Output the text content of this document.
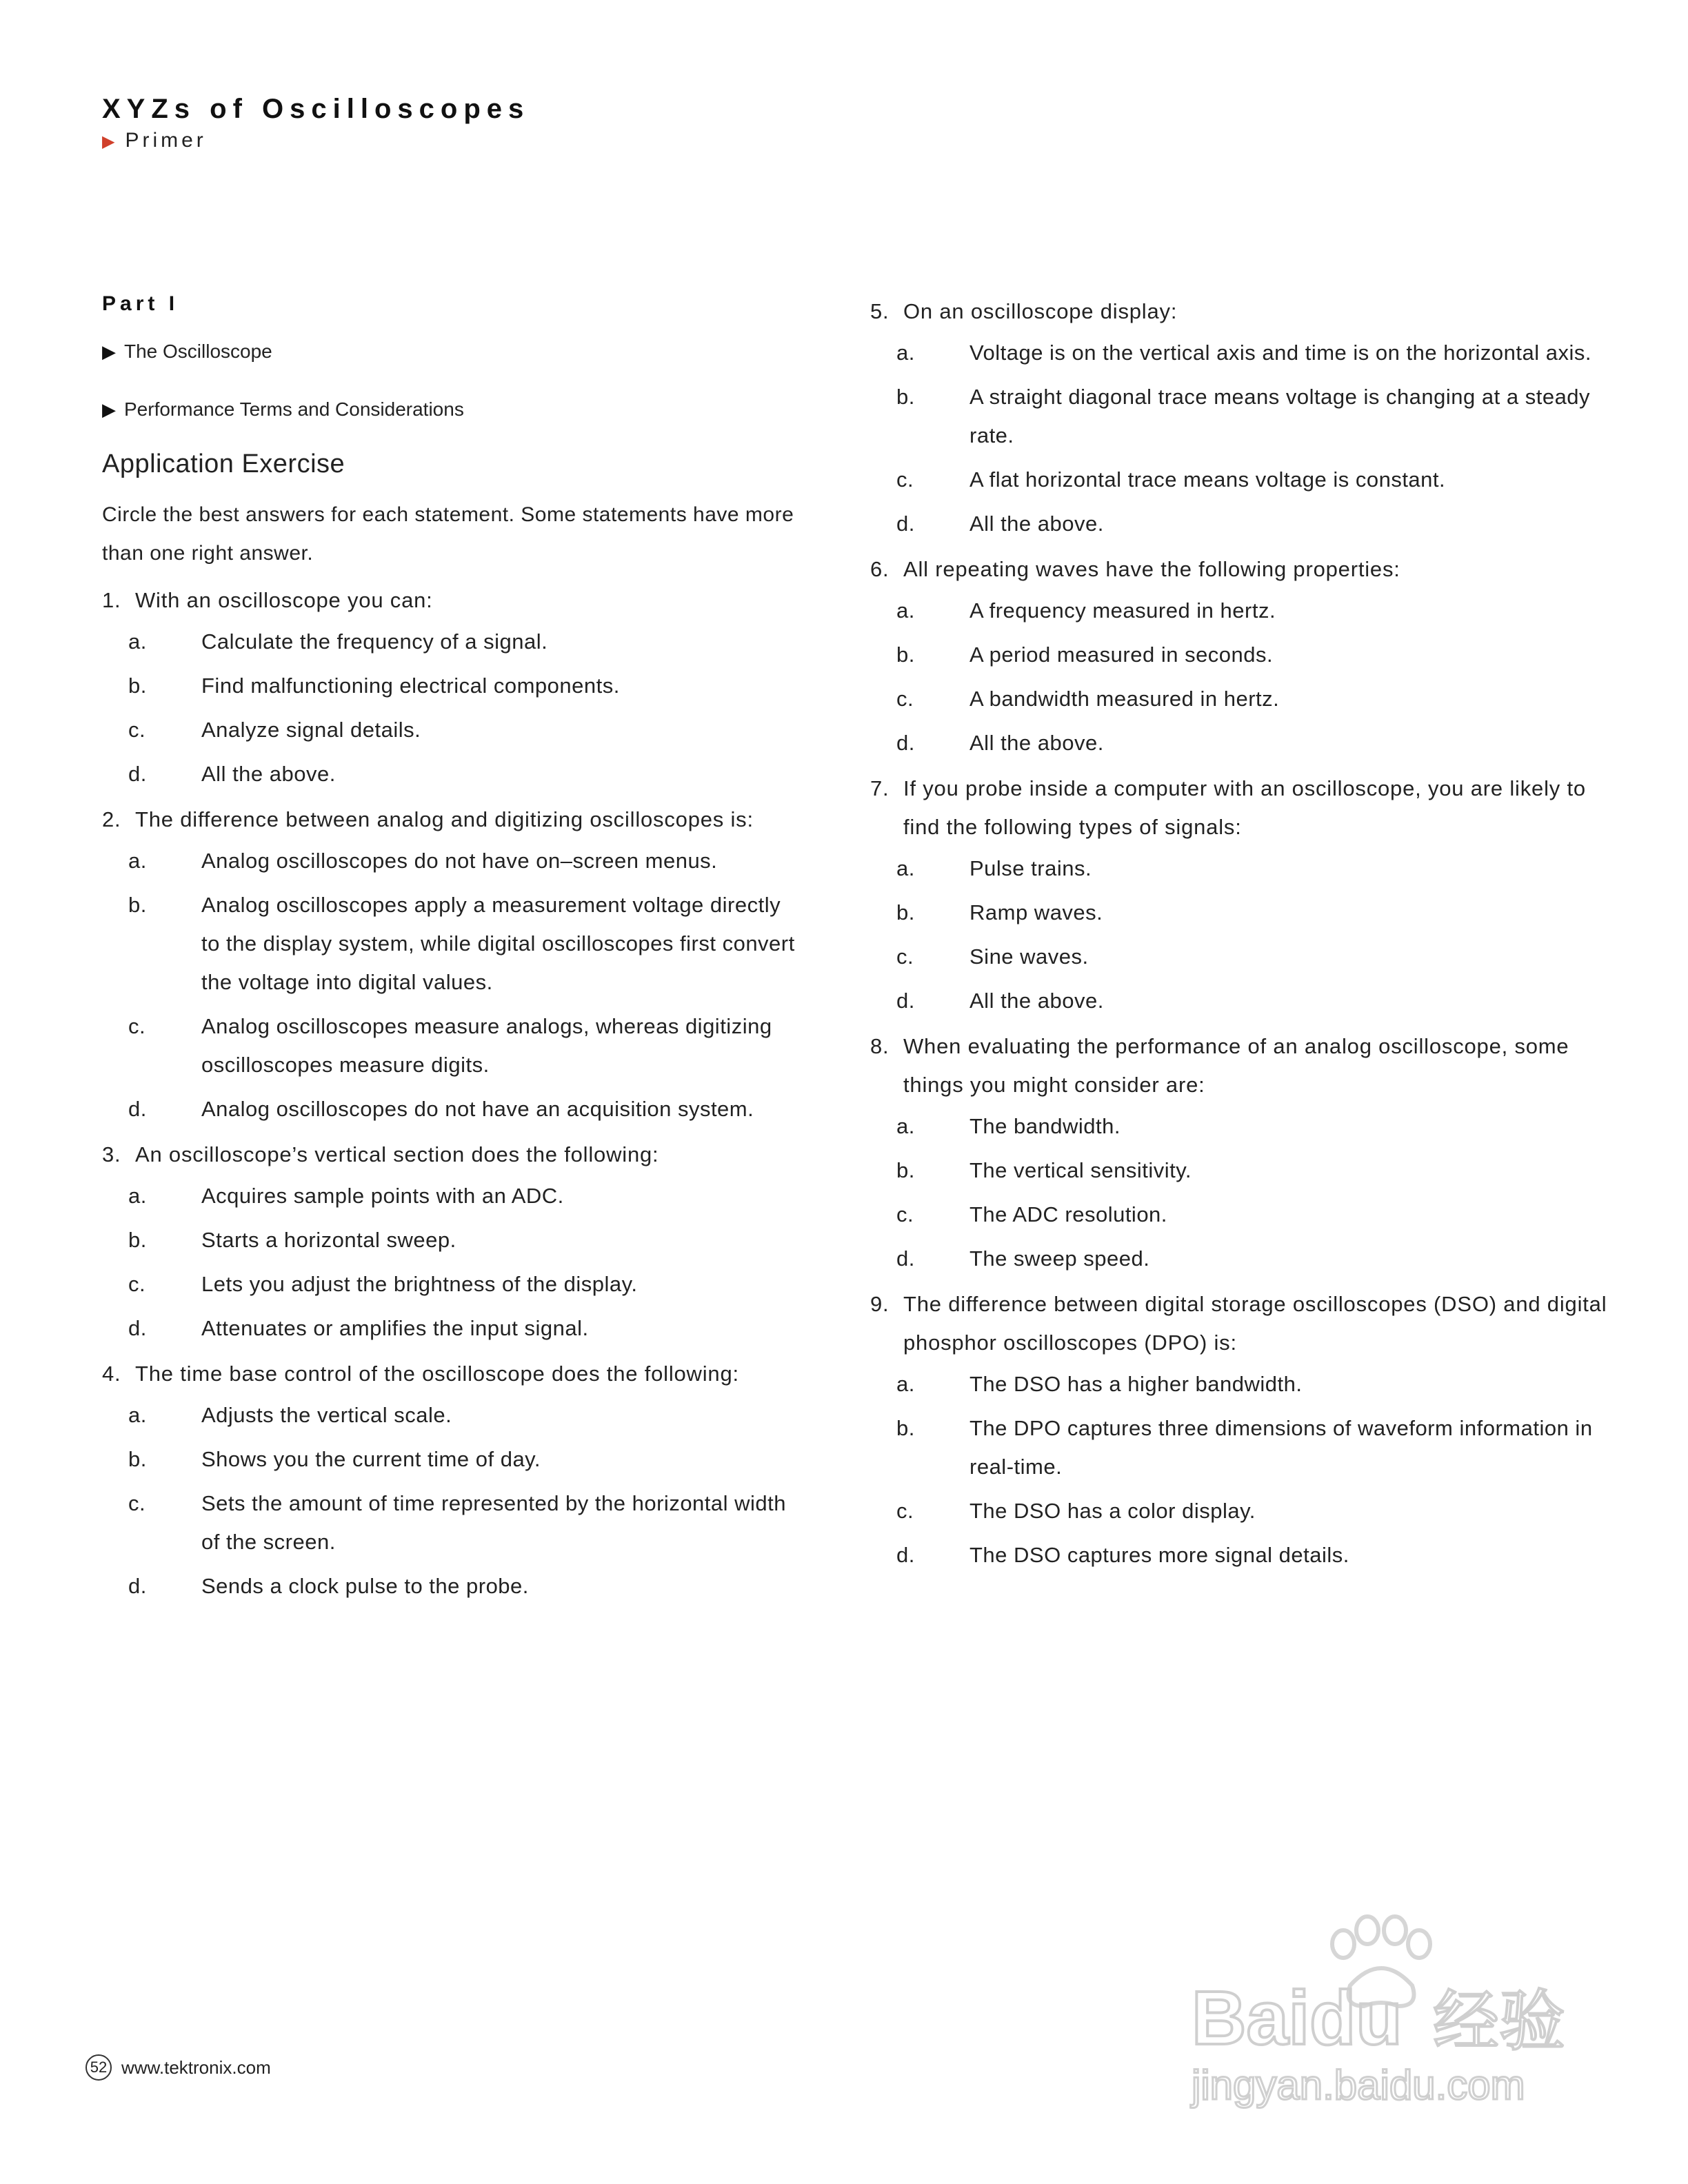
XYZs of Oscilloscopes
▶ Primer
Part I
▶ The Oscilloscope
▶ Performance Terms and Considerations
Application Exercise
Circle the best answers for each statement. Some statements have more than one right answer.
1. With an oscilloscope you can:
a.	Calculate the frequency of a signal.
b.	Find malfunctioning electrical components.
c.	Analyze signal details.
d.	All the above.
2. The difference between analog and digitizing oscilloscopes is:
a.	Analog oscilloscopes do not have on–screen menus.
b.	Analog oscilloscopes apply a measurement voltage directly to the display system, while digital oscilloscopes first convert the voltage into digital values.
c.	Analog oscilloscopes measure analogs, whereas digitizing oscilloscopes measure digits.
d.	Analog oscilloscopes do not have an acquisition system.
3. An oscilloscope’s vertical section does the following:
a.	Acquires sample points with an ADC.
b.	Starts a horizontal sweep.
c.	Lets you adjust the brightness of the display.
d.	Attenuates or amplifies the input signal.
4. The time base control of the oscilloscope does the following:
a.	Adjusts the vertical scale.
b.	Shows you the current time of day.
c.	Sets the amount of time represented by the horizontal width of the screen.
d.	Sends a clock pulse to the probe.
5. On an oscilloscope display:
a.	Voltage is on the vertical axis and time is on the horizontal axis.
b.	A straight diagonal trace means voltage is changing at a steady rate.
c.	A flat horizontal trace means voltage is constant.
d.	All the above.
6. All repeating waves have the following properties:
a.	A frequency measured in hertz.
b.	A period measured in seconds.
c.	A bandwidth measured in hertz.
d.	All the above.
7. If you probe inside a computer with an oscilloscope, you are likely to find the following types of signals:
a.	Pulse trains.
b.	Ramp waves.
c.	Sine waves.
d.	All the above.
8. When evaluating the performance of an analog oscilloscope, some things you might consider are:
a.	The bandwidth.
b.	The vertical sensitivity.
c.	The ADC resolution.
d.	The sweep speed.
9. The difference between digital storage oscilloscopes (DSO) and digital phosphor oscilloscopes (DPO) is:
a.	The DSO has a higher bandwidth.
b.	The DPO captures three dimensions of waveform information in real-time.
c.	The DSO has a color display.
d.	The DSO captures more signal details.
52 www.tektronix.com
Baidu 经验
jingyan.baidu.com
